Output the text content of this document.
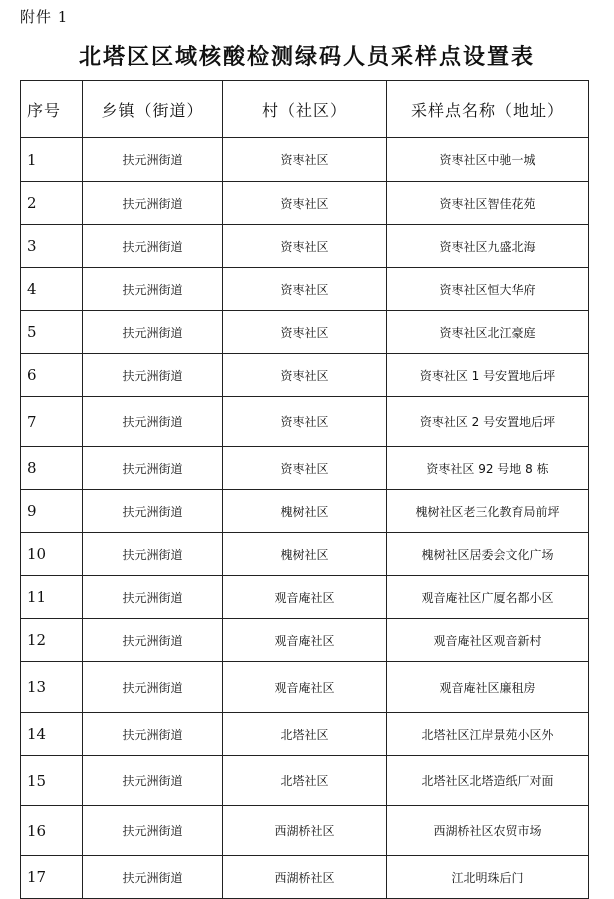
附件 1
北塔区区域核酸检测绿码人员采样点设置表
序号	乡镇（街道）	村（社区）	采样点名称（地址）
1	扶元洲街道	资枣社区	资枣社区中驰一城
2	扶元洲街道	资枣社区	资枣社区智佳花苑
3	扶元洲街道	资枣社区	资枣社区九盛北海
4	扶元洲街道	资枣社区	资枣社区恒大华府
5	扶元洲街道	资枣社区	资枣社区北江豪庭
6	扶元洲街道	资枣社区	资枣社区 1 号安置地后坪
7	扶元洲街道	资枣社区	资枣社区 2 号安置地后坪
8	扶元洲街道	资枣社区	资枣社区 92 号地 8 栋
9	扶元洲街道	槐树社区	槐树社区老三化教育局前坪
10	扶元洲街道	槐树社区	槐树社区居委会文化广场
11	扶元洲街道	观音庵社区	观音庵社区广厦名都小区
12	扶元洲街道	观音庵社区	观音庵社区观音新村
13	扶元洲街道	观音庵社区	观音庵社区廉租房
14	扶元洲街道	北塔社区	北塔社区江岸景苑小区外
15	扶元洲街道	北塔社区	北塔社区北塔造纸厂对面
16	扶元洲街道	西湖桥社区	西湖桥社区农贸市场
17	扶元洲街道	西湖桥社区	江北明珠后门
